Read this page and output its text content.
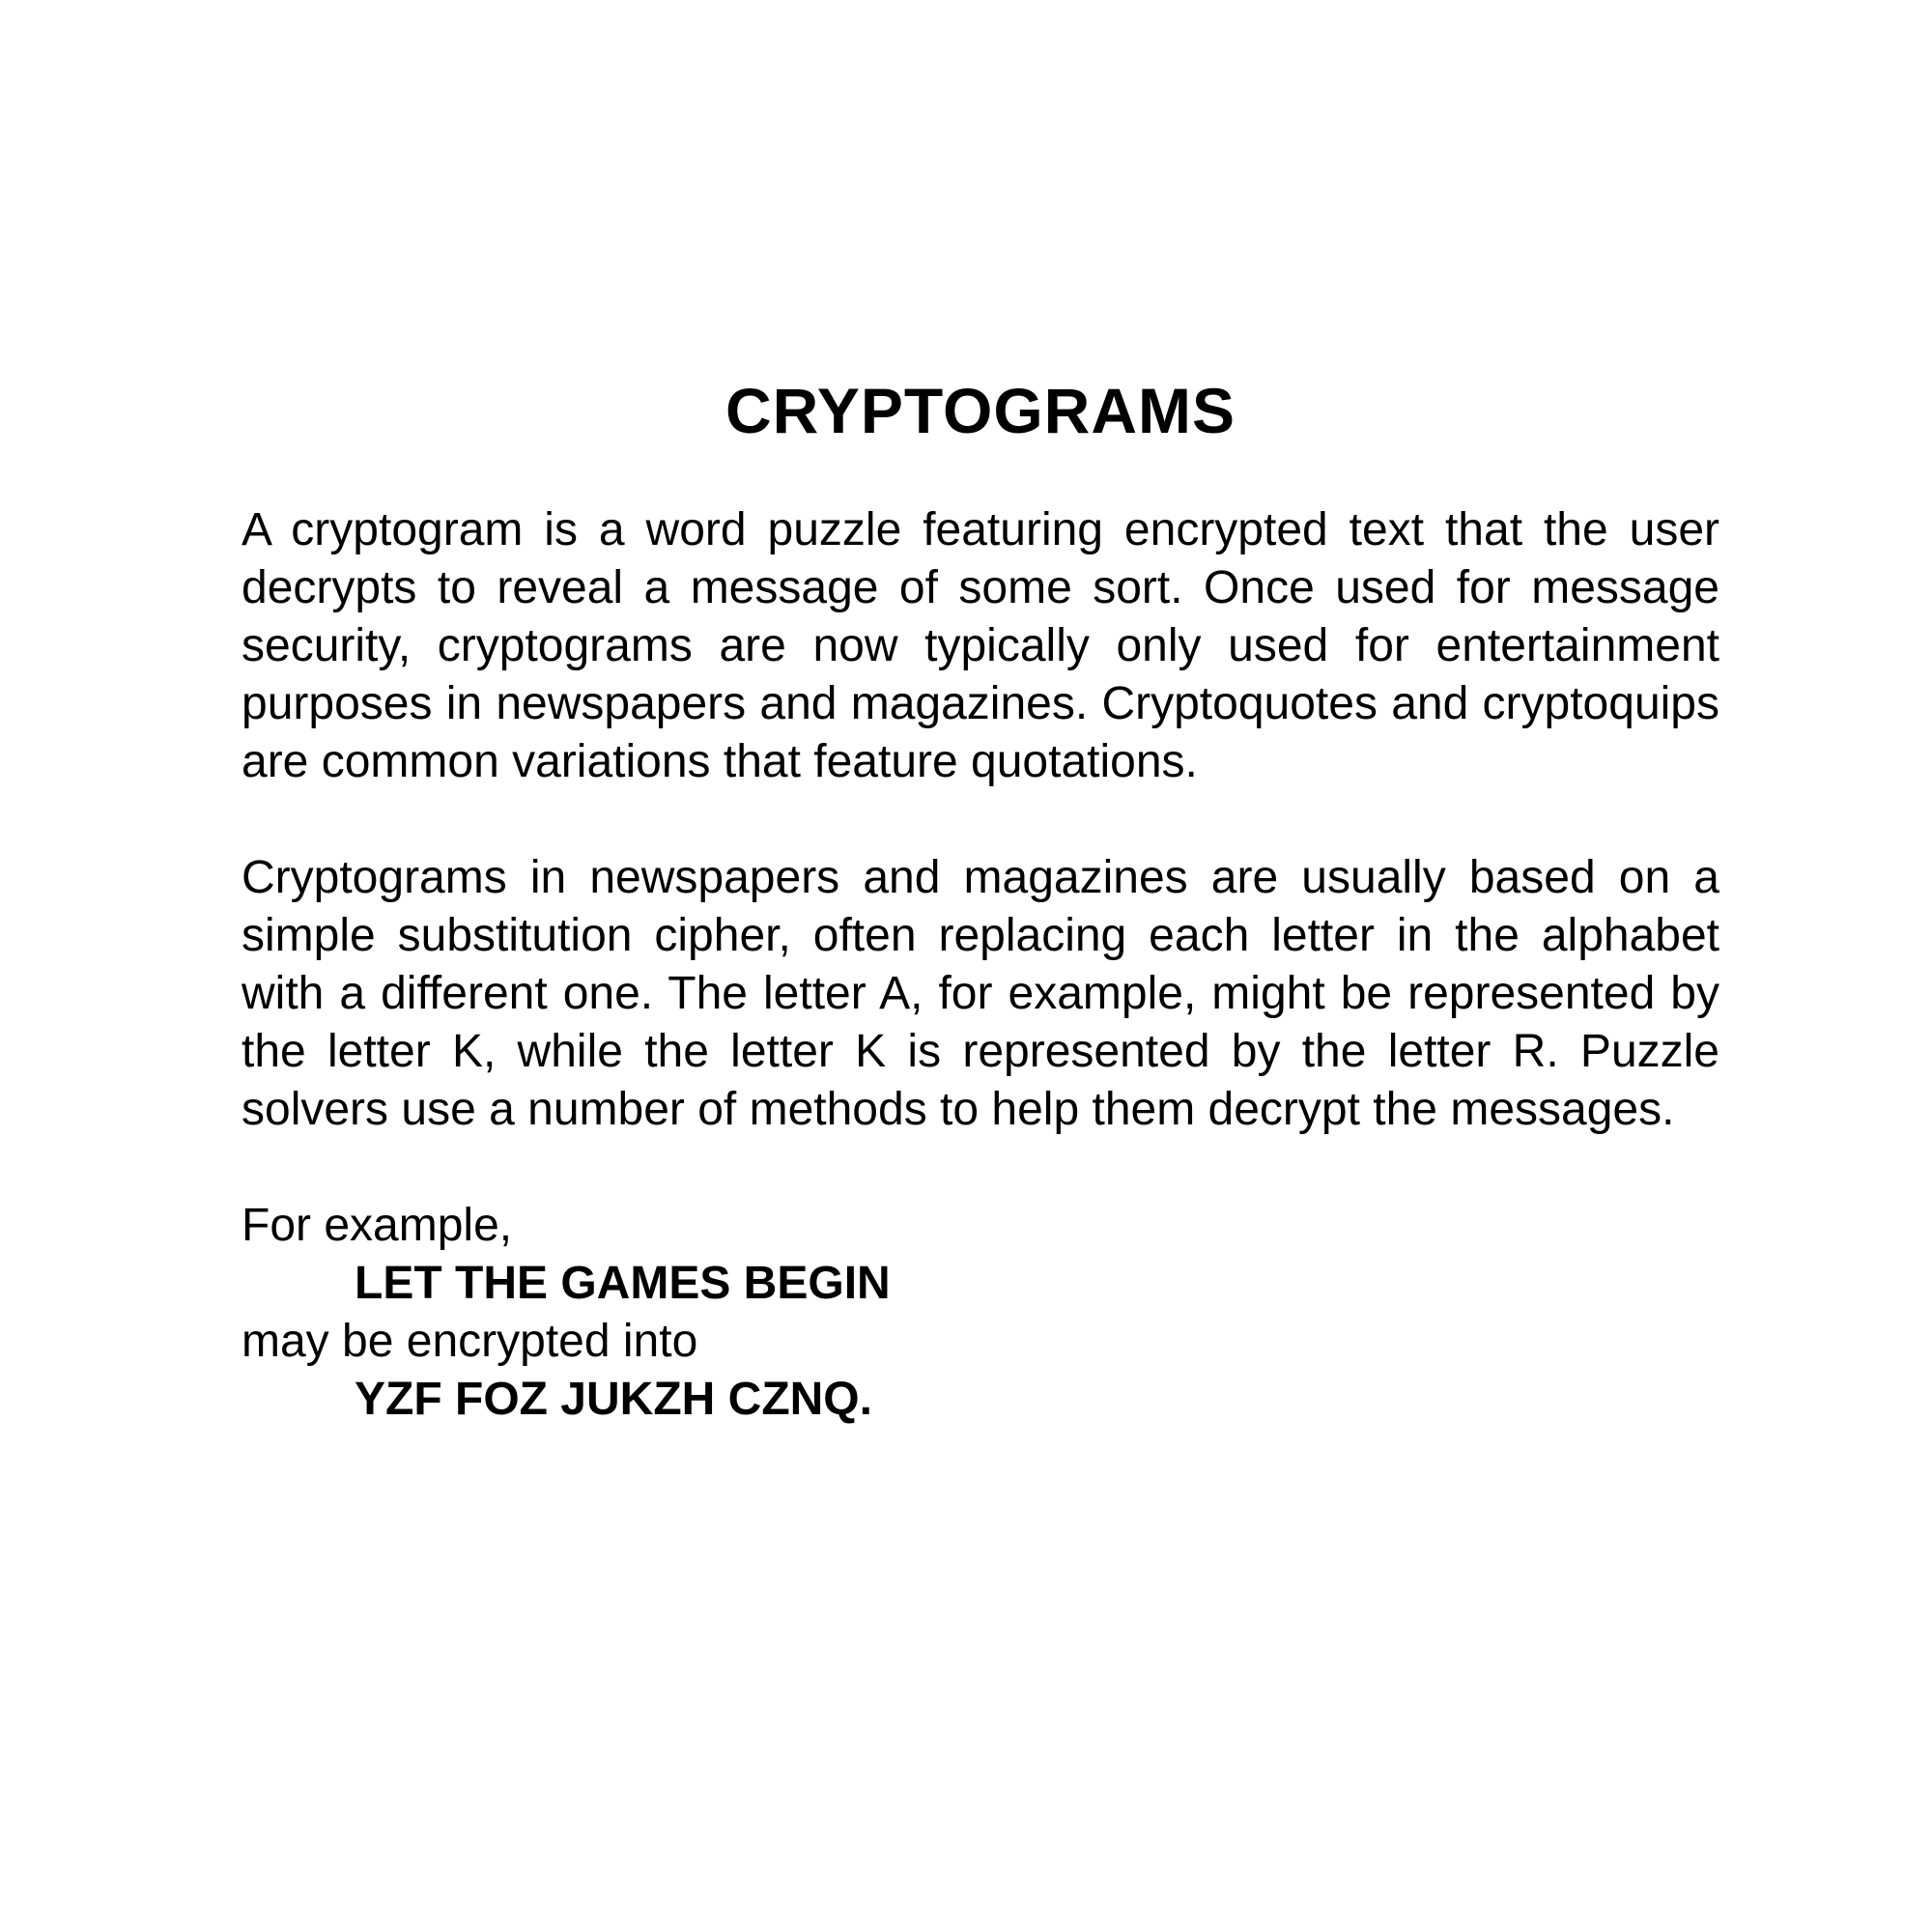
CRYPTOGRAMS

A cryptogram is a word puzzle featuring encrypted text that the user decrypts to reveal a message of some sort. Once used for message security, cryptograms are now typically only used for entertainment purposes in newspapers and magazines. Cryptoquotes and cryptoquips are common variations that feature quotations.

Cryptograms in newspapers and magazines are usually based on a simple substitution cipher, often replacing each letter in the alphabet with a different one. The letter A, for example, might be represented by the letter K, while the letter K is represented by the letter R. Puzzle solvers use a number of methods to help them decrypt the messages.

For example,
LET THE GAMES BEGIN
may be encrypted into
YZF FOZ JUKZH CZNQ.
